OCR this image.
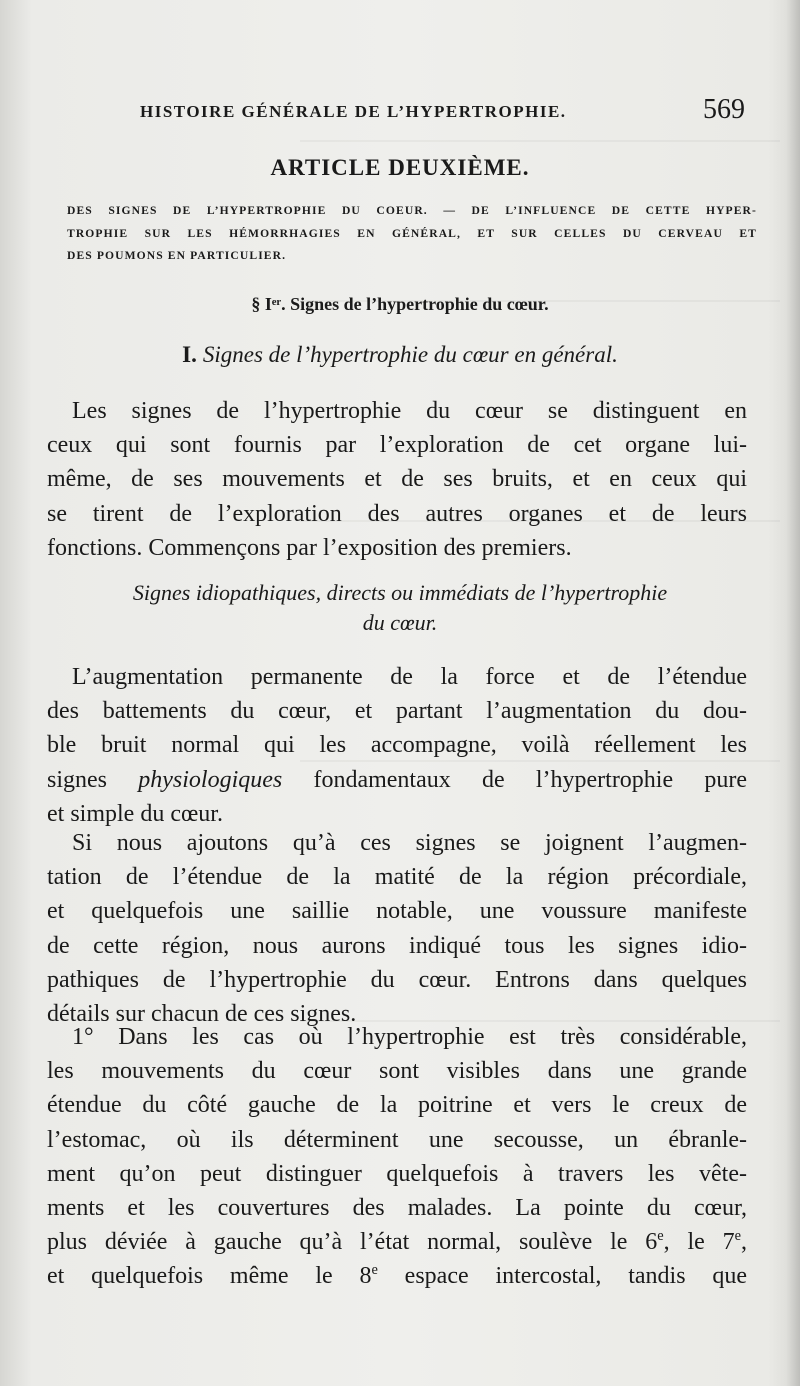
HISTOIRE GÉNÉRALE DE L’HYPERTROPHIE.	569
ARTICLE DEUXIÈME.
DES SIGNES DE L’HYPERTROPHIE DU COEUR. — DE L’INFLUENCE DE CETTE HYPER-
TROPHIE SUR LES HÉMORRHAGIES EN GÉNÉRAL, ET SUR CELLES DU CERVEAU ET
DES POUMONS EN PARTICULIER.
§ Iᵉʳ. Signes de l’hypertrophie du cœur.
I. Signes de l’hypertrophie du cœur en général.
Les signes de l’hypertrophie du cœur se distinguent en
ceux qui sont fournis par l’exploration de cet organe lui-
même, de ses mouvements et de ses bruits, et en ceux qui
se tirent de l’exploration des autres organes et de leurs
fonctions. Commençons par l’exposition des premiers.
Signes idiopathiques, directs ou immédiats de l’hypertrophie
du cœur.
L’augmentation permanente de la force et de l’étendue
des battements du cœur, et partant l’augmentation du dou-
ble bruit normal qui les accompagne, voilà réellement les
signes physiologiques fondamentaux de l’hypertrophie pure
et simple du cœur.
Si nous ajoutons qu’à ces signes se joignent l’augmen-
tation de l’étendue de la matité de la région précordiale,
et quelquefois une saillie notable, une voussure manifeste
de cette région, nous aurons indiqué tous les signes idio-
pathiques de l’hypertrophie du cœur. Entrons dans quelques
détails sur chacun de ces signes.
1° Dans les cas où l’hypertrophie est très considérable,
les mouvements du cœur sont visibles dans une grande
étendue du côté gauche de la poitrine et vers le creux de
l’estomac, où ils déterminent une secousse, un ébranle-
ment qu’on peut distinguer quelquefois à travers les vête-
ments et les couvertures des malades. La pointe du cœur,
plus déviée à gauche qu’à l’état normal, soulève le 6e, le 7e,
et quelquefois même le 8e espace intercostal, tandis que
